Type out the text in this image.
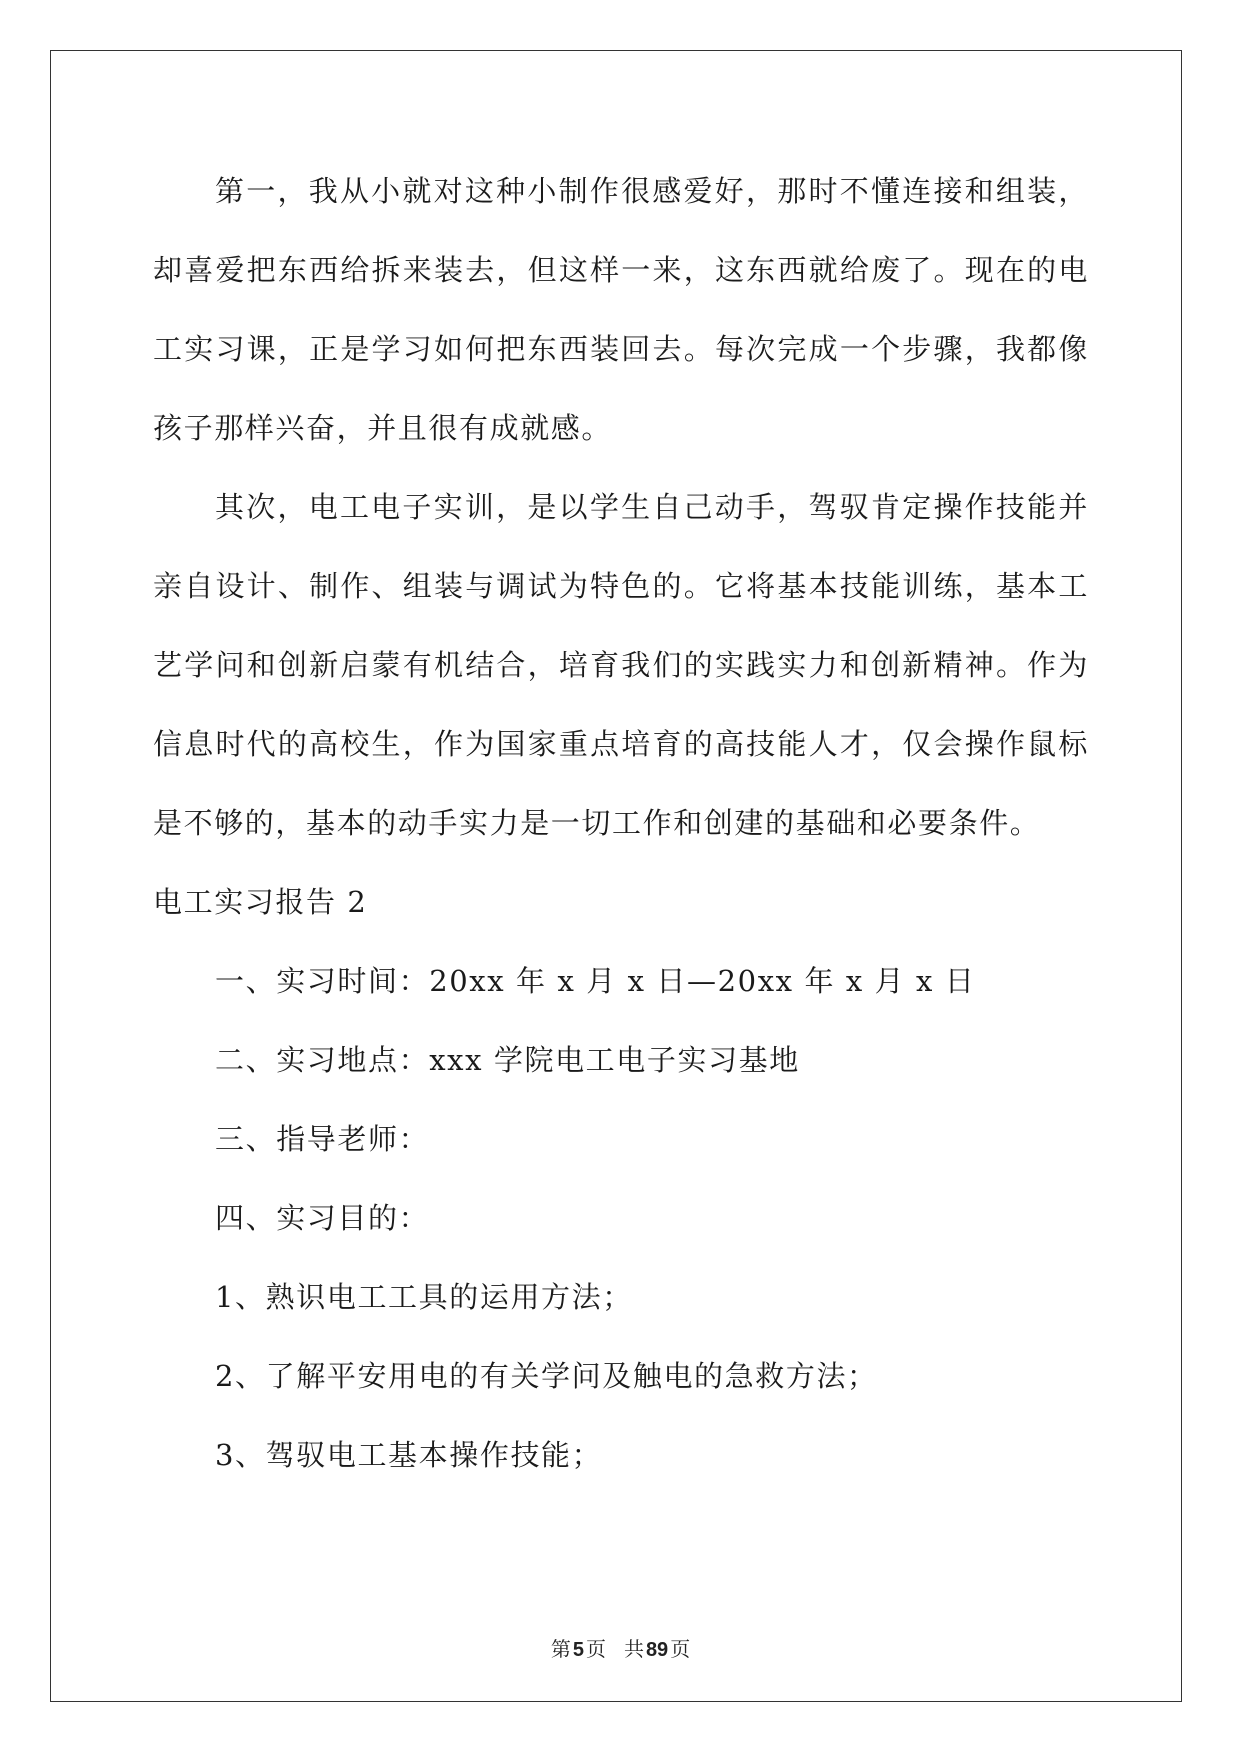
第一，我从小就对这种小制作很感爱好，那时不懂连接和组装，却喜爱把东西给拆来装去，但这样一来，这东西就给废了。现在的电工实习课，正是学习如何把东西装回去。每次完成一个步骤，我都像孩子那样兴奋，并且很有成就感。

其次，电工电子实训，是以学生自己动手，驾驭肯定操作技能并亲自设计、制作、组装与调试为特色的。它将基本技能训练，基本工艺学问和创新启蒙有机结合，培育我们的实践实力和创新精神。作为信息时代的高校生，作为国家重点培育的高技能人才，仅会操作鼠标是不够的，基本的动手实力是一切工作和创建的基础和必要条件。

电工实习报告 2

一、实习时间：20xx 年 x 月 x 日—20xx 年 x 月 x 日

二、实习地点：xxx 学院电工电子实习基地

三、指导老师：

四、实习目的：

1、熟识电工工具的运用方法；

2、了解平安用电的有关学问及触电的急救方法；

3、驾驭电工基本操作技能；

第 5 页 共 89 页
